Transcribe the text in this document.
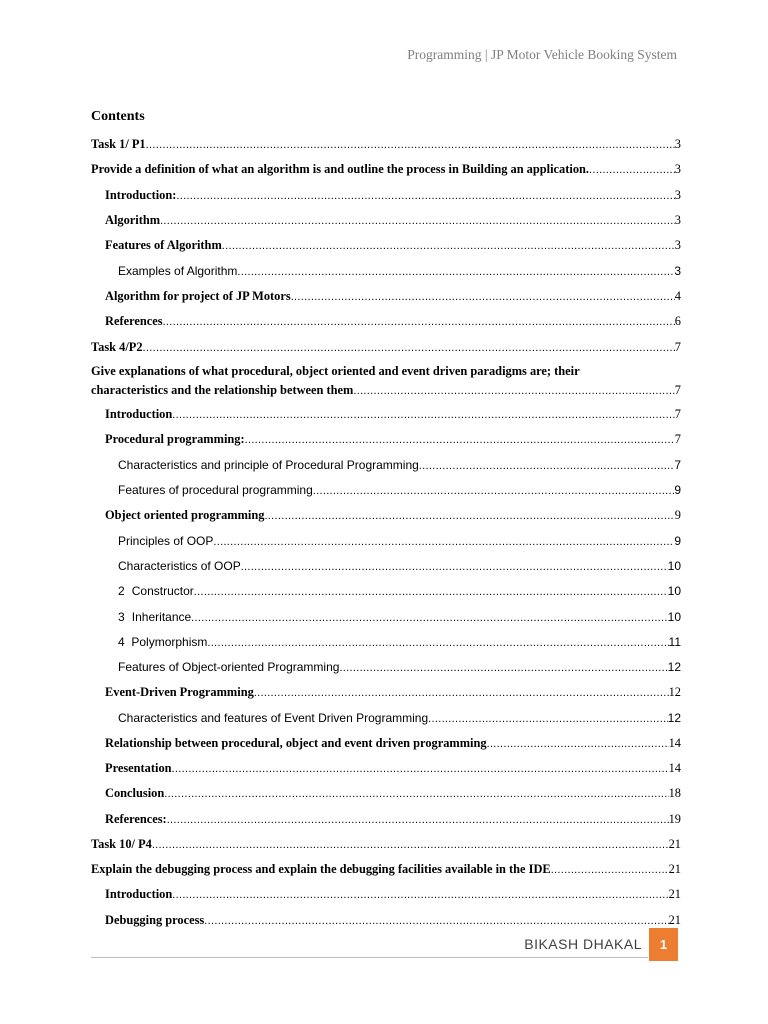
Programming | JP Motor Vehicle Booking System
Contents
Task 1/ P1 .....	3
Provide a definition of what an algorithm is and outline the process in Building an application. .....	3
Introduction: .....	3
Algorithm .....	3
Features of Algorithm .....	3
Examples of Algorithm .....	3
Algorithm for project of JP Motors .....	4
References .....	6
Task 4/P2 .....	7
Give explanations of what procedural, object oriented and event driven paradigms are; their
characteristics and the relationship between them .....	7
Introduction .....	7
Procedural programming: .....	7
Characteristics and principle of Procedural Programming .....	7
Features of procedural programming .....	9
Object oriented programming .....	9
Principles of OOP .....	9
Characteristics of OOP .....	10
2 Constructor .....	10
3 Inheritance .....	10
4 Polymorphism .....	11
Features of Object-oriented Programming .....	12
Event-Driven Programming .....	12
Characteristics and features of Event Driven Programming .....	12
Relationship between procedural, object and event driven programming .....	14
Presentation .....	14
Conclusion .....	18
References: .....	19
Task 10/ P4 .....	21
Explain the debugging process and explain the debugging facilities available in the IDE .....	21
Introduction .....	21
Debugging process .....	21
BIKASH DHAKAL	1
